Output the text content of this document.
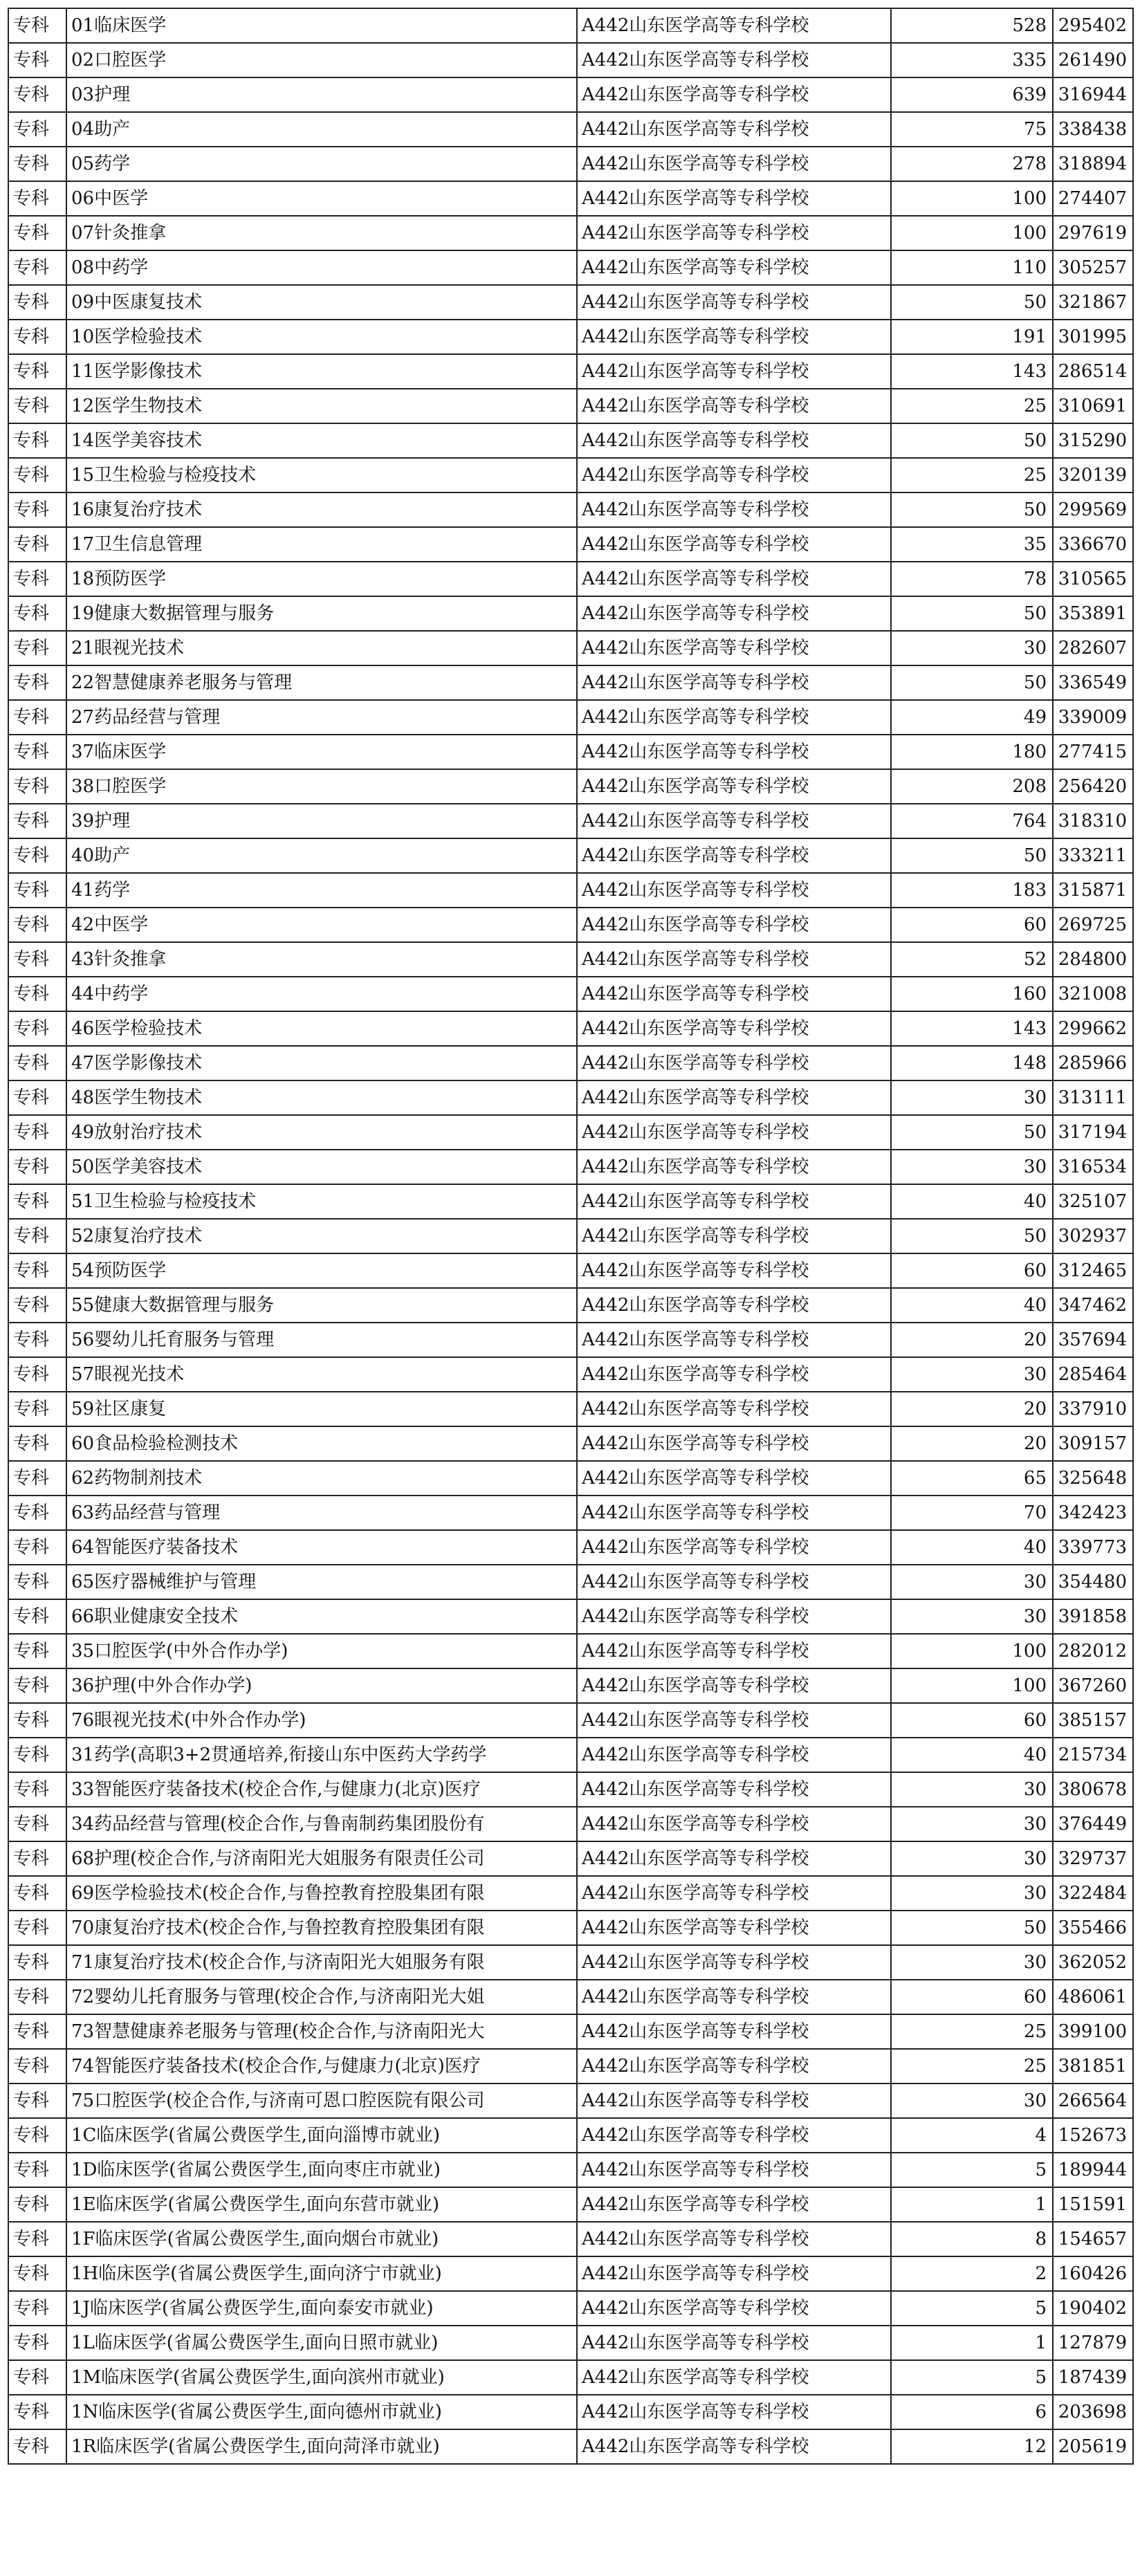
专科	01临床医学	A442山东医学高等专科学校	528	295402
专科	02口腔医学	A442山东医学高等专科学校	335	261490
专科	03护理	A442山东医学高等专科学校	639	316944
专科	04助产	A442山东医学高等专科学校	75	338438
专科	05药学	A442山东医学高等专科学校	278	318894
专科	06中医学	A442山东医学高等专科学校	100	274407
专科	07针灸推拿	A442山东医学高等专科学校	100	297619
专科	08中药学	A442山东医学高等专科学校	110	305257
专科	09中医康复技术	A442山东医学高等专科学校	50	321867
专科	10医学检验技术	A442山东医学高等专科学校	191	301995
专科	11医学影像技术	A442山东医学高等专科学校	143	286514
专科	12医学生物技术	A442山东医学高等专科学校	25	310691
专科	14医学美容技术	A442山东医学高等专科学校	50	315290
专科	15卫生检验与检疫技术	A442山东医学高等专科学校	25	320139
专科	16康复治疗技术	A442山东医学高等专科学校	50	299569
专科	17卫生信息管理	A442山东医学高等专科学校	35	336670
专科	18预防医学	A442山东医学高等专科学校	78	310565
专科	19健康大数据管理与服务	A442山东医学高等专科学校	50	353891
专科	21眼视光技术	A442山东医学高等专科学校	30	282607
专科	22智慧健康养老服务与管理	A442山东医学高等专科学校	50	336549
专科	27药品经营与管理	A442山东医学高等专科学校	49	339009
专科	37临床医学	A442山东医学高等专科学校	180	277415
专科	38口腔医学	A442山东医学高等专科学校	208	256420
专科	39护理	A442山东医学高等专科学校	764	318310
专科	40助产	A442山东医学高等专科学校	50	333211
专科	41药学	A442山东医学高等专科学校	183	315871
专科	42中医学	A442山东医学高等专科学校	60	269725
专科	43针灸推拿	A442山东医学高等专科学校	52	284800
专科	44中药学	A442山东医学高等专科学校	160	321008
专科	46医学检验技术	A442山东医学高等专科学校	143	299662
专科	47医学影像技术	A442山东医学高等专科学校	148	285966
专科	48医学生物技术	A442山东医学高等专科学校	30	313111
专科	49放射治疗技术	A442山东医学高等专科学校	50	317194
专科	50医学美容技术	A442山东医学高等专科学校	30	316534
专科	51卫生检验与检疫技术	A442山东医学高等专科学校	40	325107
专科	52康复治疗技术	A442山东医学高等专科学校	50	302937
专科	54预防医学	A442山东医学高等专科学校	60	312465
专科	55健康大数据管理与服务	A442山东医学高等专科学校	40	347462
专科	56婴幼儿托育服务与管理	A442山东医学高等专科学校	20	357694
专科	57眼视光技术	A442山东医学高等专科学校	30	285464
专科	59社区康复	A442山东医学高等专科学校	20	337910
专科	60食品检验检测技术	A442山东医学高等专科学校	20	309157
专科	62药物制剂技术	A442山东医学高等专科学校	65	325648
专科	63药品经营与管理	A442山东医学高等专科学校	70	342423
专科	64智能医疗装备技术	A442山东医学高等专科学校	40	339773
专科	65医疗器械维护与管理	A442山东医学高等专科学校	30	354480
专科	66职业健康安全技术	A442山东医学高等专科学校	30	391858
专科	35口腔医学(中外合作办学)	A442山东医学高等专科学校	100	282012
专科	36护理(中外合作办学)	A442山东医学高等专科学校	100	367260
专科	76眼视光技术(中外合作办学)	A442山东医学高等专科学校	60	385157
专科	31药学(高职3+2贯通培养,衔接山东中医药大学药学	A442山东医学高等专科学校	40	215734
专科	33智能医疗装备技术(校企合作,与健康力(北京)医疗	A442山东医学高等专科学校	30	380678
专科	34药品经营与管理(校企合作,与鲁南制药集团股份有	A442山东医学高等专科学校	30	376449
专科	68护理(校企合作,与济南阳光大姐服务有限责任公司	A442山东医学高等专科学校	30	329737
专科	69医学检验技术(校企合作,与鲁控教育控股集团有限	A442山东医学高等专科学校	30	322484
专科	70康复治疗技术(校企合作,与鲁控教育控股集团有限	A442山东医学高等专科学校	50	355466
专科	71康复治疗技术(校企合作,与济南阳光大姐服务有限	A442山东医学高等专科学校	30	362052
专科	72婴幼儿托育服务与管理(校企合作,与济南阳光大姐	A442山东医学高等专科学校	60	486061
专科	73智慧健康养老服务与管理(校企合作,与济南阳光大	A442山东医学高等专科学校	25	399100
专科	74智能医疗装备技术(校企合作,与健康力(北京)医疗	A442山东医学高等专科学校	25	381851
专科	75口腔医学(校企合作,与济南可恩口腔医院有限公司	A442山东医学高等专科学校	30	266564
专科	1C临床医学(省属公费医学生,面向淄博市就业)	A442山东医学高等专科学校	4	152673
专科	1D临床医学(省属公费医学生,面向枣庄市就业)	A442山东医学高等专科学校	5	189944
专科	1E临床医学(省属公费医学生,面向东营市就业)	A442山东医学高等专科学校	1	151591
专科	1F临床医学(省属公费医学生,面向烟台市就业)	A442山东医学高等专科学校	8	154657
专科	1H临床医学(省属公费医学生,面向济宁市就业)	A442山东医学高等专科学校	2	160426
专科	1J临床医学(省属公费医学生,面向泰安市就业)	A442山东医学高等专科学校	5	190402
专科	1L临床医学(省属公费医学生,面向日照市就业)	A442山东医学高等专科学校	1	127879
专科	1M临床医学(省属公费医学生,面向滨州市就业)	A442山东医学高等专科学校	5	187439
专科	1N临床医学(省属公费医学生,面向德州市就业)	A442山东医学高等专科学校	6	203698
专科	1R临床医学(省属公费医学生,面向菏泽市就业)	A442山东医学高等专科学校	12	205619
